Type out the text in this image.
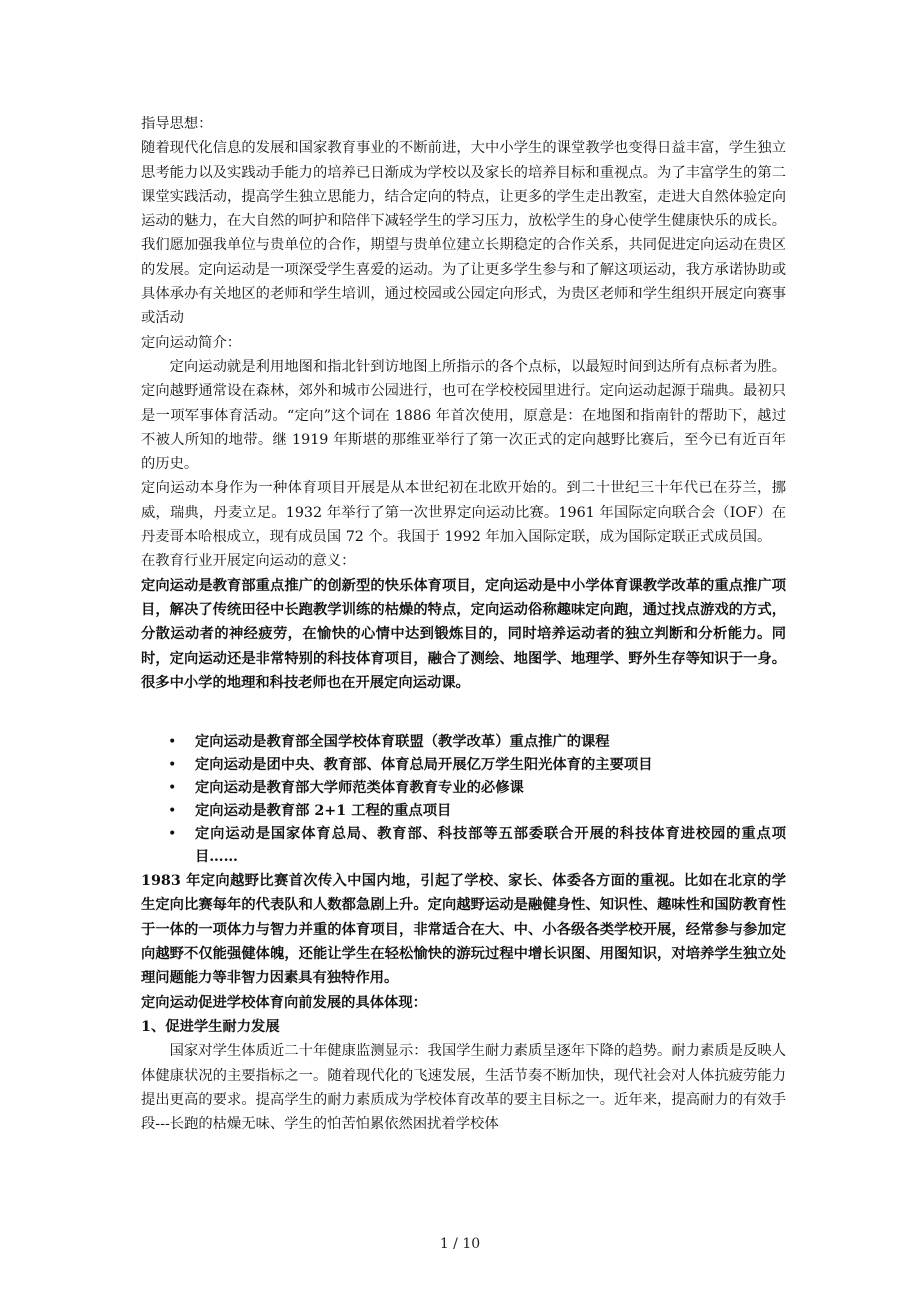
指导思想：

随着现代化信息的发展和国家教育事业的不断前进，大中小学生的课堂教学也变得日益丰富，学生独立思考能力以及实践动手能力的培养已日渐成为学校以及家长的培养目标和重视点。为了丰富学生的第二课堂实践活动，提高学生独立思能力，结合定向的特点，让更多的学生走出教室，走进大自然体验定向运动的魅力，在大自然的呵护和陪伴下减轻学生的学习压力，放松学生的身心使学生健康快乐的成长。我们愿加强我单位与贵单位的合作，期望与贵单位建立长期稳定的合作关系，共同促进定向运动在贵区的发展。定向运动是一项深受学生喜爱的运动。为了让更多学生参与和了解这项运动，我方承诺协助或具体承办有关地区的老师和学生培训，通过校园或公园定向形式，为贵区老师和学生组织开展定向赛事或活动

定向运动简介：

定向运动就是利用地图和指北针到访地图上所指示的各个点标，以最短时间到达所有点标者为胜。定向越野通常设在森林，郊外和城市公园进行，也可在学校校园里进行。定向运动起源于瑞典。最初只是一项军事体育活动。“定向”这个词在 1886 年首次使用，原意是：在地图和指南针的帮助下，越过不被人所知的地带。继 1919 年斯堪的那维亚举行了第一次正式的定向越野比赛后，至今已有近百年的历史。

定向运动本身作为一种体育项目开展是从本世纪初在北欧开始的。到二十世纪三十年代已在芬兰，挪威，瑞典，丹麦立足。1932 年举行了第一次世界定向运动比赛。1961 年国际定向联合会（IOF）在丹麦哥本哈根成立，现有成员国 72 个。我国于 1992 年加入国际定联，成为国际定联正式成员国。

在教育行业开展定向运动的意义：

定向运动是教育部重点推广的创新型的快乐体育项目，定向运动是中小学体育课教学改革的重点推广项目，解决了传统田径中长跑教学训练的枯燥的特点，定向运动俗称趣味定向跑，通过找点游戏的方式，分散运动者的神经疲劳，在愉快的心情中达到锻炼目的，同时培养运动者的独立判断和分析能力。同时，定向运动还是非常特别的科技体育项目，融合了测绘、地图学、地理学、野外生存等知识于一身。很多中小学的地理和科技老师也在开展定向运动课。

• 定向运动是教育部全国学校体育联盟（教学改革）重点推广的课程
• 定向运动是团中央、教育部、体育总局开展亿万学生阳光体育的主要项目
• 定向运动是教育部大学师范类体育教育专业的必修课
• 定向运动是教育部 2+1 工程的重点项目
• 定向运动是国家体育总局、教育部、科技部等五部委联合开展的科技体育进校园的重点项目……

1983 年定向越野比赛首次传入中国内地，引起了学校、家长、体委各方面的重视。比如在北京的学生定向比赛每年的代表队和人数都急剧上升。定向越野运动是融健身性、知识性、趣味性和国防教育性于一体的一项体力与智力并重的体育项目，非常适合在大、中、小各级各类学校开展，经常参与参加定向越野不仅能强健体魄，还能让学生在轻松愉快的游玩过程中增长识图、用图知识，对培养学生独立处理问题能力等非智力因素具有独特作用。

定向运动促进学校体育向前发展的具体体现：

1、促进学生耐力发展

国家对学生体质近二十年健康监测显示：我国学生耐力素质呈逐年下降的趋势。耐力素质是反映人体健康状况的主要指标之一。随着现代化的飞速发展，生活节奏不断加快，现代社会对人体抗疲劳能力提出更高的要求。提高学生的耐力素质成为学校体育改革的要主目标之一。近年来，提高耐力的有效手段---长跑的枯燥无味、学生的怕苦怕累依然困扰着学校体

1 / 10
